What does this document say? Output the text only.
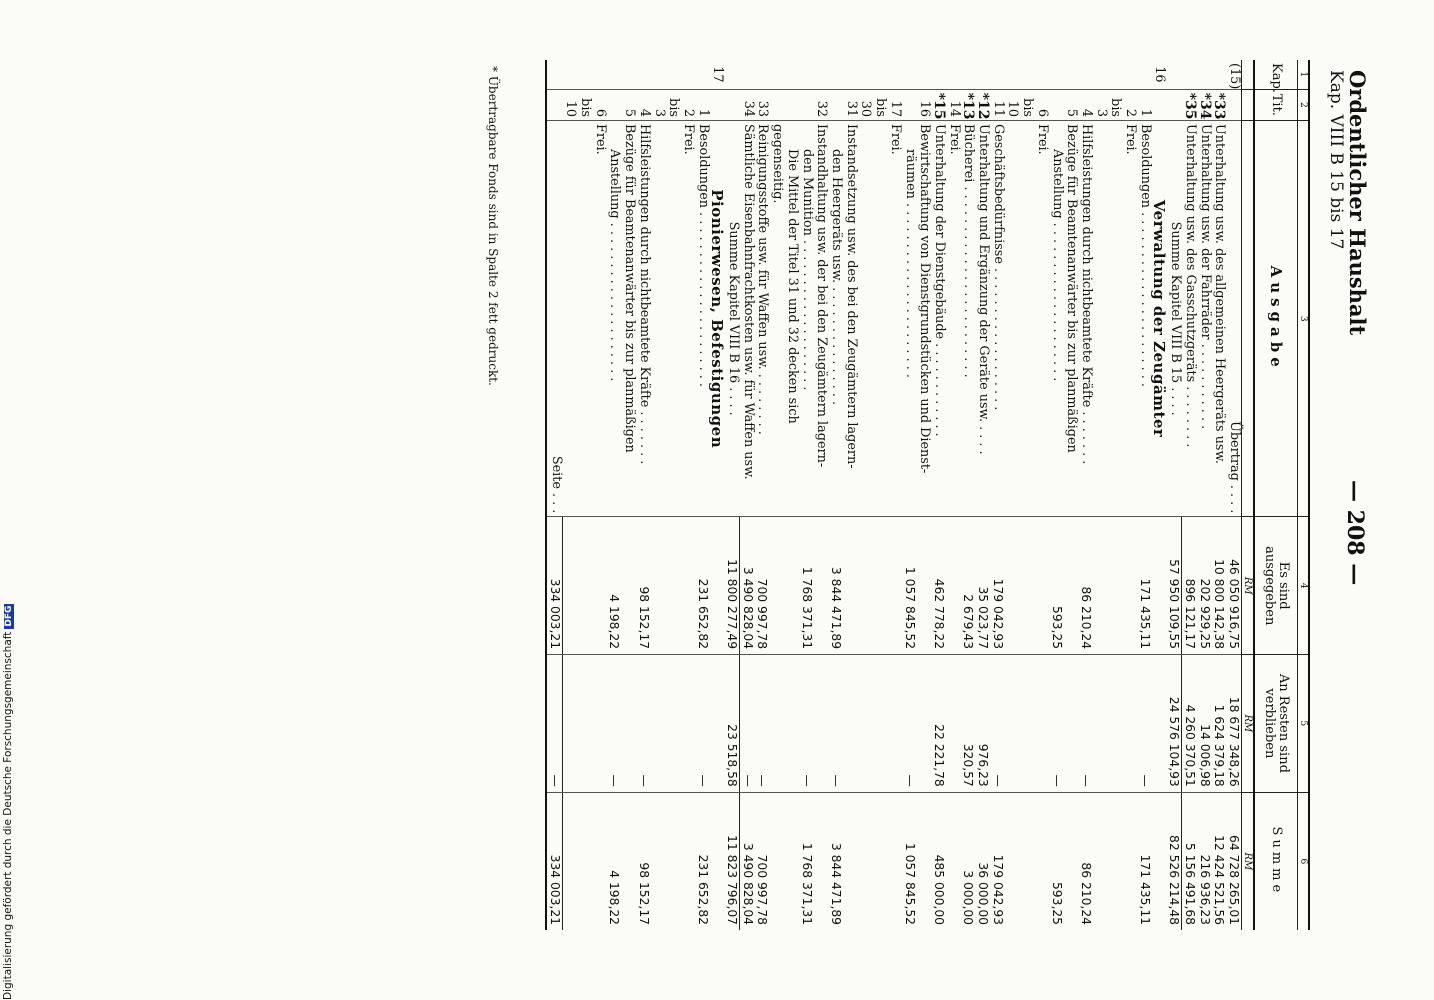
Ordentlicher Haushalt
Kap. VIII B 15 bis 17
— 208 —
1	2	3	4	5	6
Kap.	Tit.	Ausgabe	Es sind ausgegeben	An Resten sind verblieben	Summe
			RM	RM	RM
(15)		Übertrag . . . .	46 050 916,75	18 677 348,26	64 728 265,01
	*33	Unterhaltung usw. des allgemeinen Heergeräts usw.	10 800 142,38	1 624 379,18	12 424 521,56
	*34	Unterhaltung usw. der Fahrräder . . . . . . . . . . .	202 929,25	14 006,98	216 936,23
	*35	Unterhaltung usw. des Gasschutzgeräts . . . . . . . .	896 121,17	4 260 370,51	5 156 491,68
		Summe Kapitel VIII B 15 . . . .	57 950 109,55	24 576 104,93	82 526 214,48
16		Verwaltung der Zeugämter			
	1	Besoldungen . . . . . . . . . . . . . . . . . . . . . .	171 435,11	—	171 435,11
	2 bis 3	Frei.			
	4	Hilfsleistungen durch nichtbeamtete Kräfte . . . . . . .	86 210,24	—	86 210,24
	5	Bezüge für Beamtenanwärter bis zur planmäßigen			
		Anstellung . . . . . . . . . . . . . . . . . . . .	593,25	—	593,25
	6 bis 10	Frei.			
	11	Geschäftsbedürfnisse . . . . . . . . . . . . . . . . . .	179 042,93	—	179 042,93
	*12	Unterhaltung und Ergänzung der Geräte usw. . . . .	35 023,77	976,23	36 000,00
	*13	Bücherei . . . . . . . . . . . . . . . . . . . . . . . .	2 679,43	320,57	3 000,00
	14	Frei.			
	*15	Unterhaltung der Dienstgebäude . . . . . . . . . . . .	462 778,22	22 221,78	485 000,00
	16	Bewirtschaftung von Dienstgrundstücken und Dienst-			
		räumen . . . . . . . . . . . . . . . . . . . . . .	1 057 845,52	—	1 057 845,52
	17 bis 30	Frei.			
	31	Instandsetzung usw. des bei den Zeugämtern lagern-			
		den Heergeräts usw. . . . . . . . . . . . . . . .	3 844 471,89	—	3 844 471,89
	32	Instandhaltung usw. der bei den Zeugämtern lagern-			
		den Munition . . . . . . . . . . . . . . . . . . .	1 768 371,31	—	1 768 371,31
		Die Mittel der Titel 31 und 32 decken sich			
		gegenseitig.			
	33	Reinigungsstoffe usw. für Waffen usw. . . . . . . . .	700 997,78	—	700 997,78
	34	Sämtliche Eisenbahnfrachtkosten usw. für Waffen usw.	3 490 828,04	—	3 490 828,04
		Summe Kapitel VIII B 16 . . . .	11 800 277,49	23 518,58	11 823 796,07
17		Pionierwesen, Befestigungen			
	1	Besoldungen . . . . . . . . . . . . . . . . . . . . . .	231 652,82	—	231 652,82
	2 bis 3	Frei.			
	4	Hilfsleistungen durch nichtbeamtete Kräfte . . . . . . .	98 152,17	—	98 152,17
	5	Bezüge für Beamtenanwärter bis zur planmäßigen			
		Anstellung . . . . . . . . . . . . . . . . . . . .	4 198,22	—	4 198,22
	6 bis 10	Frei.			
		Seite . . .	334 003,21	—	334 003,21
* Übertragbare Fonds sind in Spalte 2 fett gedruckt.
Digitalisierung gefördert durch die Deutsche ForschungsgemeinschaftDFG
